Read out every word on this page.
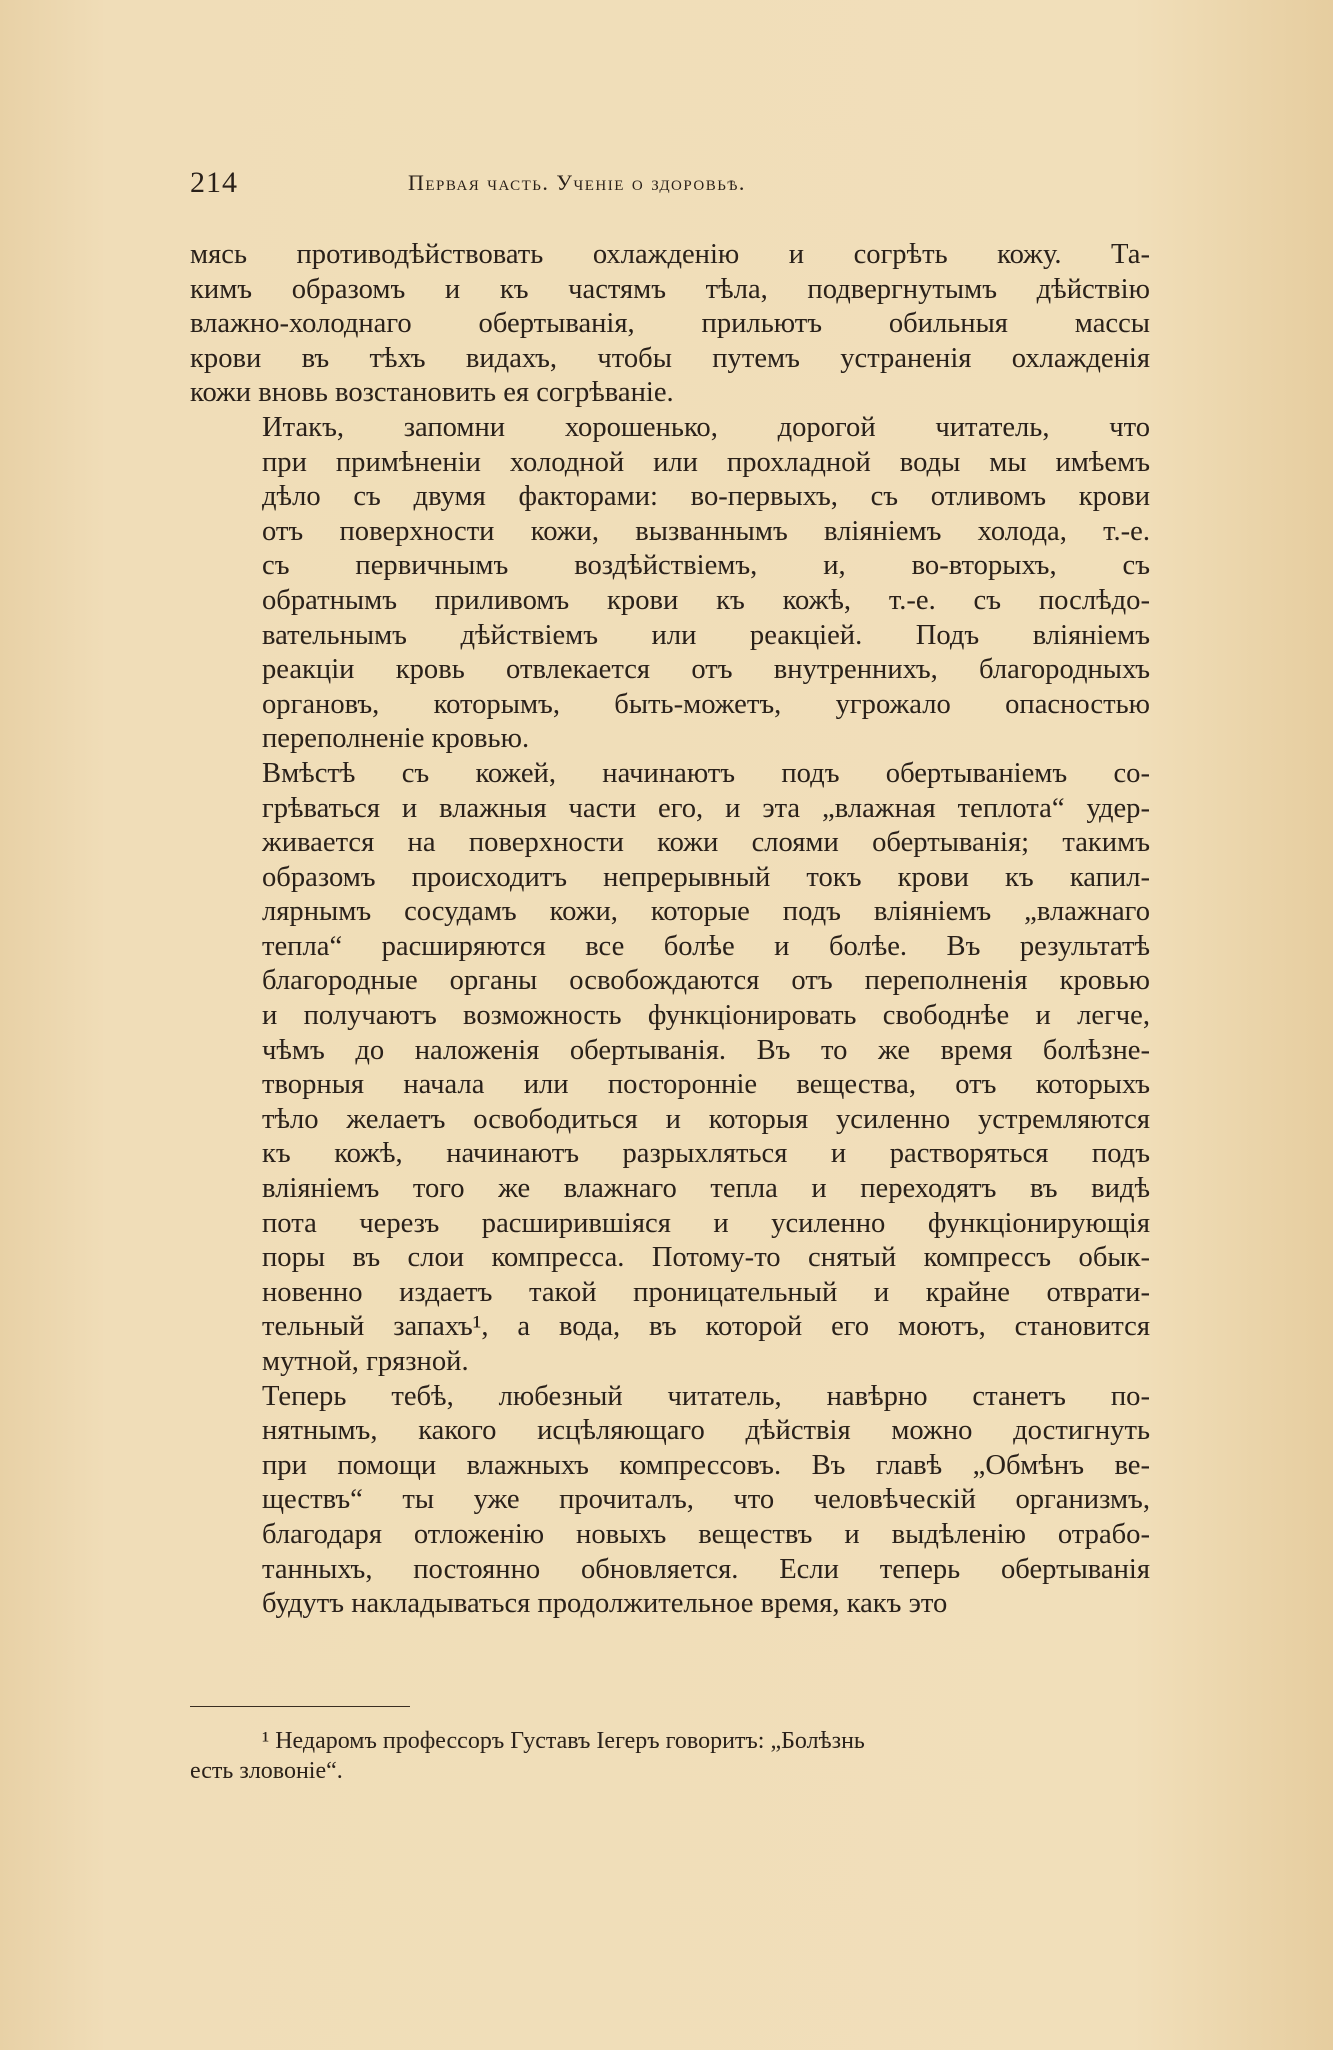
214	Первая часть. Ученіе о здоровьѣ.

мясь противодѣйствовать охлажденію и согрѣть кожу. Та-
кимъ образомъ и къ частямъ тѣла, подвергнутымъ дѣйствію
влажно-холоднаго обертыванія, прильютъ обильныя массы
крови въ тѣхъ видахъ, чтобы путемъ устраненія охлажденія
кожи вновь возстановить ея согрѣваніе.

Итакъ, запомни хорошенько, дорогой читатель, что
при примѣненіи холодной или прохладной воды мы имѣемъ
дѣло съ двумя факторами: во-первыхъ, съ отливомъ крови
отъ поверхности кожи, вызваннымъ вліяніемъ холода, т.-е.
съ первичнымъ воздѣйствіемъ, и, во-вторыхъ, съ
обратнымъ приливомъ крови къ кожѣ, т.-е. съ послѣдо-
вательнымъ дѣйствіемъ или реакціей. Подъ вліяніемъ
реакціи кровь отвлекается отъ внутреннихъ, благородныхъ
органовъ, которымъ, быть-можетъ, угрожало опасностью
переполненіе кровью.

Вмѣстѣ съ кожей, начинаютъ подъ обертываніемъ со-
грѣваться и влажныя части его, и эта „влажная теплота“ удер-
живается на поверхности кожи слоями обертыванія; такимъ
образомъ происходитъ непрерывный токъ крови къ капил-
лярнымъ сосудамъ кожи, которые подъ вліяніемъ „влажнаго
тепла“ расширяются все болѣе и болѣе. Въ результатѣ
благородные органы освобождаются отъ переполненія кровью
и получаютъ возможность функціонировать свободнѣе и легче,
чѣмъ до наложенія обертыванія. Въ то же время болѣзне-
творныя начала или посторонніе вещества, отъ которыхъ
тѣло желаетъ освободиться и которыя усиленно устремляются
къ кожѣ, начинаютъ разрыхляться и растворяться подъ
вліяніемъ того же влажнаго тепла и переходятъ въ видѣ
пота черезъ расширившіяся и усиленно функціонирующія
поры въ слои компресса. Потому-то снятый компрессъ обык-
новенно издаетъ такой проницательный и крайне отврати-
тельный запахъ¹, а вода, въ которой его моютъ, становится
мутной, грязной.

Теперь тебѣ, любезный читатель, навѣрно станетъ по-
нятнымъ, какого исцѣляющаго дѣйствія можно достигнуть
при помощи влажныхъ компрессовъ. Въ главѣ „Обмѣнъ ве-
ществъ“ ты уже прочиталъ, что человѣческій организмъ,
благодаря отложенію новыхъ веществъ и выдѣленію отрабо-
танныхъ, постоянно обновляется. Если теперь обертыванія
будутъ накладываться продолжительное время, какъ это

¹ Недаромъ профессоръ Густавъ Іегеръ говоритъ: „Болѣзнь
есть зловоніе“.
